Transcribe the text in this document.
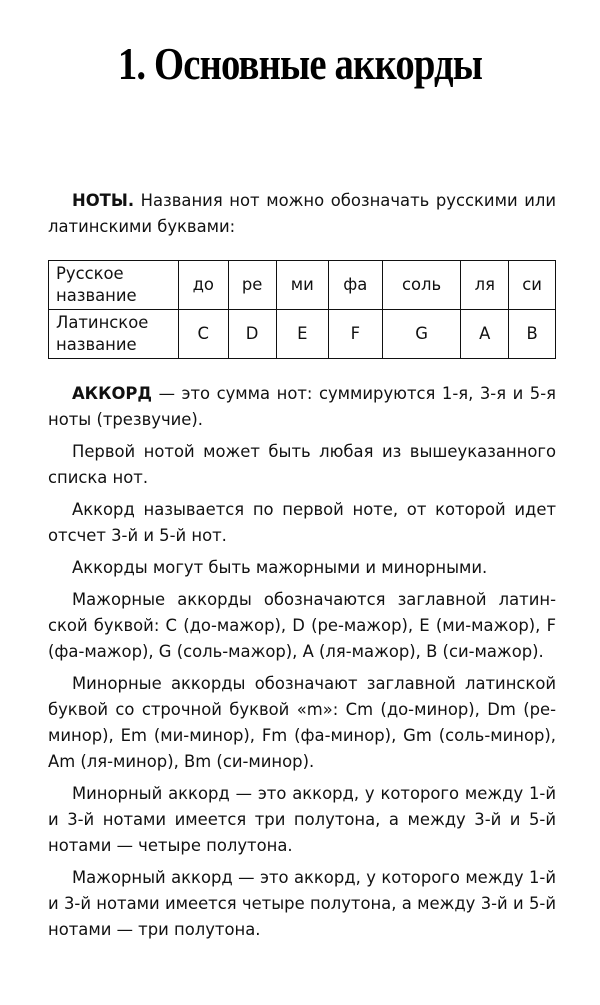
1. Основные аккорды

НОТЫ. Названия нот можно обозначать русскими или латинскими буквами:

Русское название	до	ре	ми	фа	соль	ля	си
Латинское название	C	D	E	F	G	A	B

АККОРД — это сумма нот: суммируются 1-я, 3-я и 5-я ноты (трезвучие).

Первой нотой может быть любая из вышеуказанного списка нот.

Аккорд называется по первой ноте, от которой идет отсчет 3-й и 5-й нот.

Аккорды могут быть мажорными и минорными.

Мажорные аккорды обозначаются заглавной латинской буквой: C (до-мажор), D (ре-мажор), E (ми-мажор), F (фа-мажор), G (соль-мажор), A (ля-мажор), B (си-мажор).

Минорные аккорды обозначают заглавной латинской буквой со строчной буквой «m»: Cm (до-минор), Dm (ре-минор), Em (ми-минор), Fm (фа-минор), Gm (соль-минор), Am (ля-минор), Bm (си-минор).

Минорный аккорд — это аккорд, у которого между 1-й и 3-й нотами имеется три полутона, а между 3-й и 5-й нотами — четыре полутона.

Мажорный аккорд — это аккорд, у которого между 1-й и 3-й нотами имеется четыре полутона, а между 3-й и 5-й нотами — три полутона.
